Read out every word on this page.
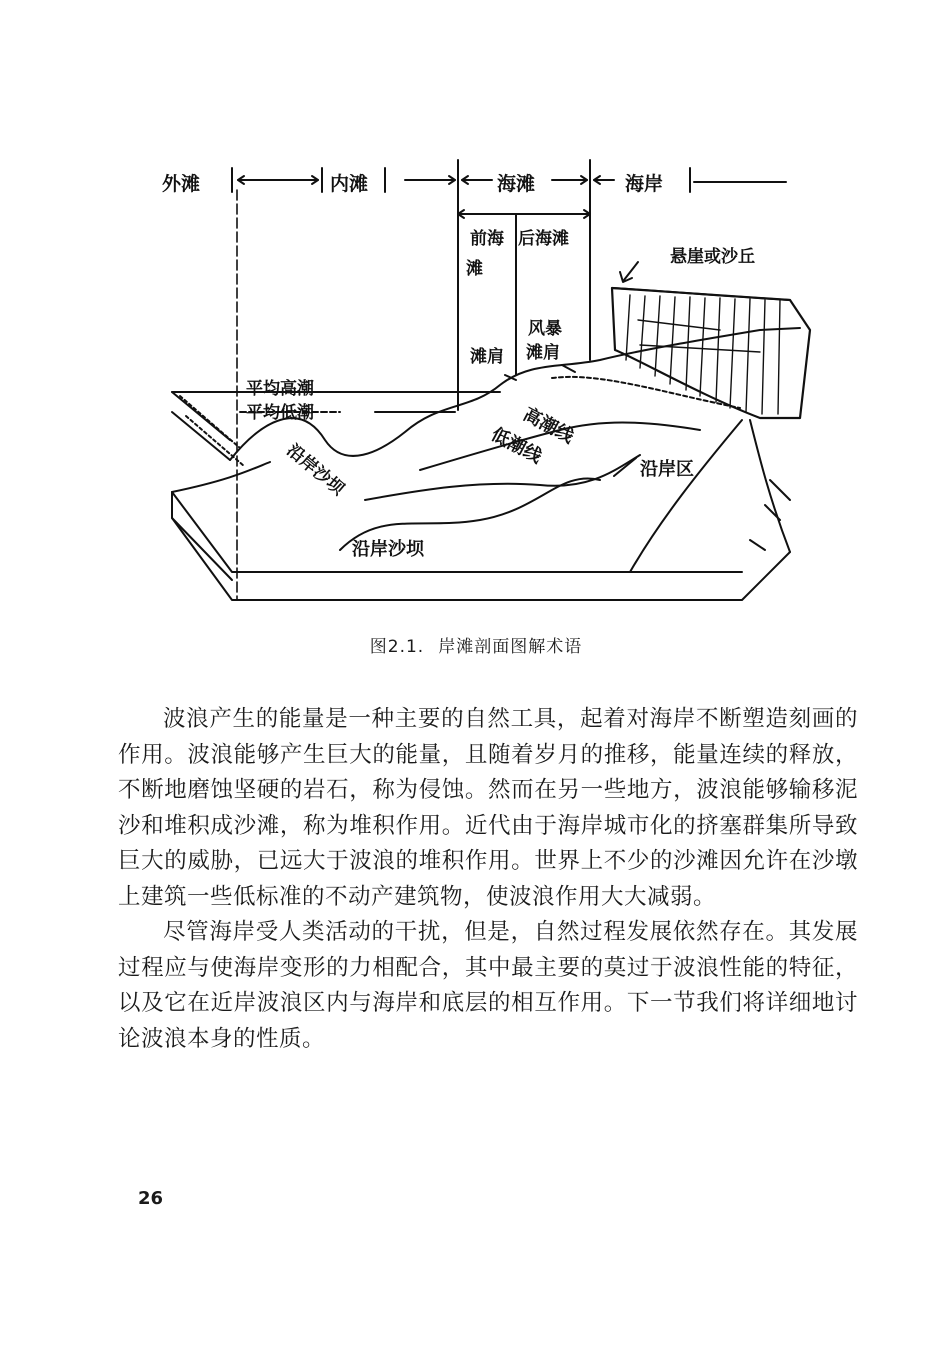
外滩	内滩	海滩	海岸
前海
滩
后海滩
悬崖或沙丘
滩肩
风暴
滩肩
平均高潮
平均低潮	高潮线
低潮线
沿岸沙坝	沿岸区
沿岸沙坝
图2.1. 岸滩剖面图解术语

波浪产生的能量是一种主要的自然工具，起着对海岸不断塑造刻画的作用。波浪能够产生巨大的能量，且随着岁月的推移，能量连续的释放，不断地磨蚀坚硬的岩石，称为侵蚀。然而在另一些地方，波浪能够输移泥沙和堆积成沙滩，称为堆积作用。近代由于海岸城市化的挤塞群集所导致巨大的威胁，已远大于波浪的堆积作用。世界上不少的沙滩因允许在沙墩上建筑一些低标准的不动产建筑物，使波浪作用大大减弱。

尽管海岸受人类活动的干扰，但是，自然过程发展依然存在。其发展过程应与使海岸变形的力相配合，其中最主要的莫过于波浪性能的特征，以及它在近岸波浪区内与海岸和底层的相互作用。下一节我们将详细地讨论波浪本身的性质。

26
